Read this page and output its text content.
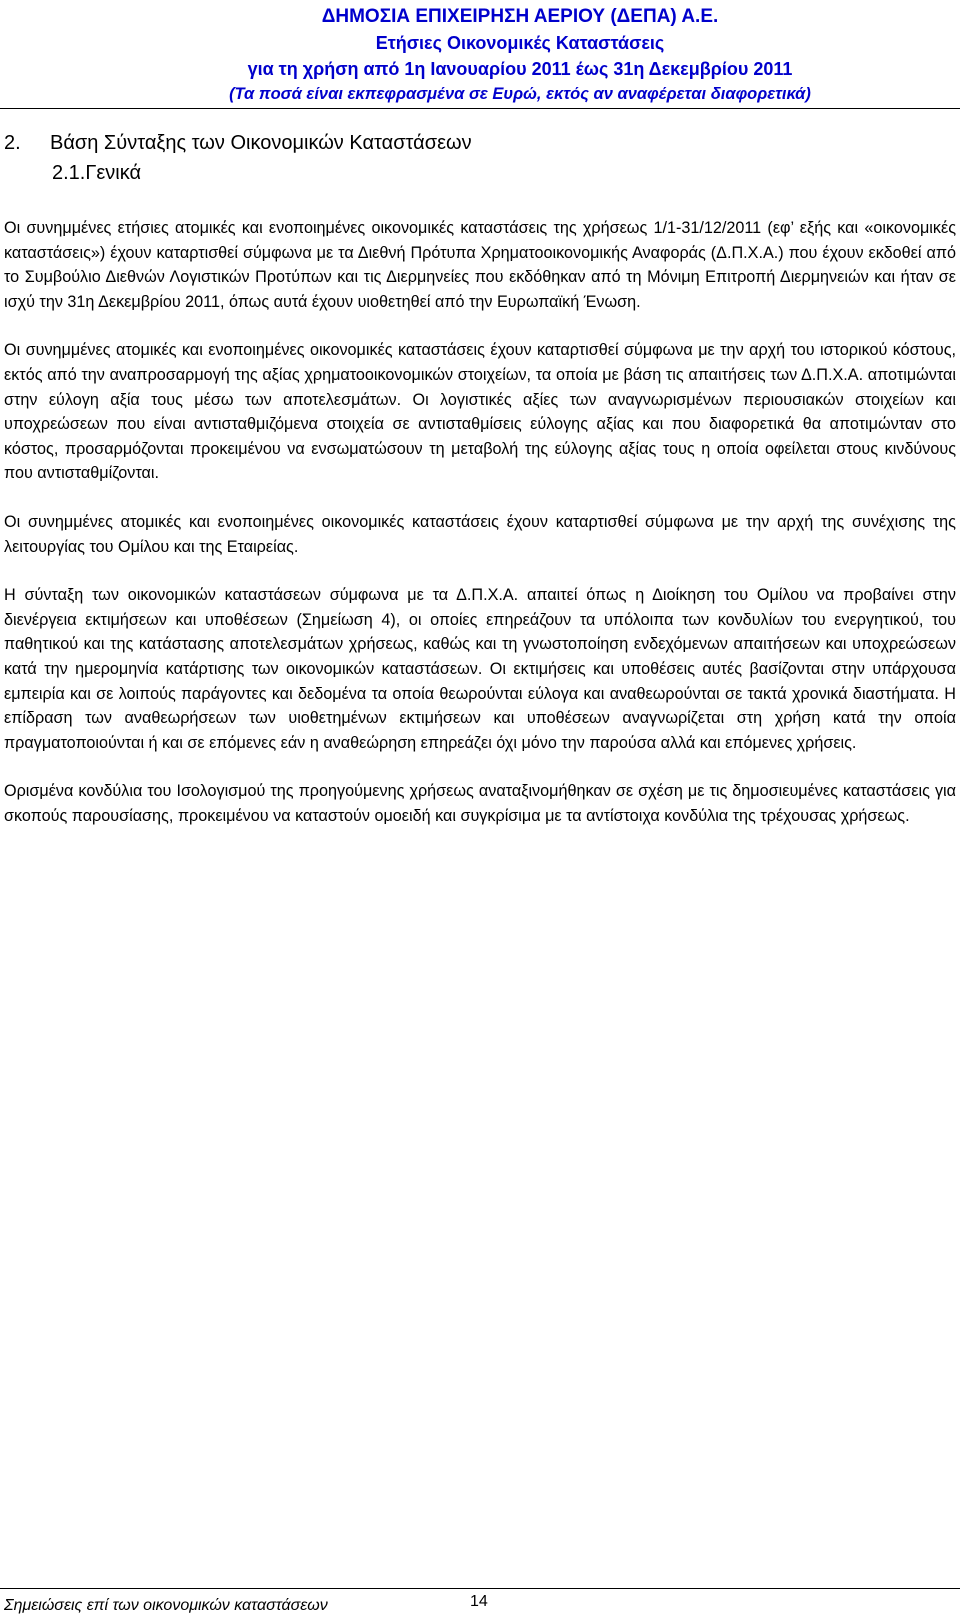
ΔΗΜΟΣΙΑ ΕΠΙΧΕΙΡΗΣΗ ΑΕΡΙΟΥ (ΔΕΠΑ) Α.Ε.
Ετήσιες Οικονομικές Καταστάσεις
για τη χρήση από 1η Ιανουαρίου 2011 έως 31η Δεκεμβρίου 2011
(Τα ποσά είναι εκπεφρασμένα σε Ευρώ, εκτός αν αναφέρεται διαφορετικά)
2. Βάση Σύνταξης των Οικονομικών Καταστάσεων
2.1.Γενικά

Οι συνημμένες ετήσιες ατομικές και ενοποιημένες οικονομικές καταστάσεις της χρήσεως 1/1-31/12/2011 (εφ’ εξής και «οικονομικές καταστάσεις») έχουν καταρτισθεί σύμφωνα με τα Διεθνή Πρότυπα Χρηματοοικονομικής Αναφοράς (Δ.Π.Χ.Α.) που έχουν εκδοθεί από το Συμβούλιο Διεθνών Λογιστικών Προτύπων και τις Διερμηνείες που εκδόθηκαν από τη Μόνιμη Επιτροπή Διερμηνειών και ήταν σε ισχύ την 31η Δεκεμβρίου 2011, όπως αυτά έχουν υιοθετηθεί από την Ευρωπαϊκή Ένωση.

Οι συνημμένες ατομικές και ενοποιημένες οικονομικές καταστάσεις έχουν καταρτισθεί σύμφωνα με την αρχή του ιστορικού κόστους, εκτός από την αναπροσαρμογή της αξίας χρηματοοικονομικών στοιχείων, τα οποία με βάση τις απαιτήσεις των Δ.Π.Χ.Α. αποτιμώνται στην εύλογη αξία τους μέσω των αποτελεσμάτων. Οι λογιστικές αξίες των αναγνωρισμένων περιουσιακών στοιχείων και υποχρεώσεων που είναι αντισταθμιζόμενα στοιχεία σε αντισταθμίσεις εύλογης αξίας και που διαφορετικά θα αποτιμώνταν στο κόστος, προσαρμόζονται προκειμένου να ενσωματώσουν τη μεταβολή της εύλογης αξίας τους η οποία οφείλεται στους κινδύνους που αντισταθμίζονται.

Οι συνημμένες ατομικές και ενοποιημένες οικονομικές καταστάσεις έχουν καταρτισθεί σύμφωνα με την αρχή της συνέχισης της λειτουργίας του Ομίλου και της Εταιρείας.

Η σύνταξη των οικονομικών καταστάσεων σύμφωνα με τα Δ.Π.Χ.Α. απαιτεί όπως η Διοίκηση του Ομίλου να προβαίνει στην διενέργεια εκτιμήσεων και υποθέσεων (Σημείωση 4), οι οποίες επηρεάζουν τα υπόλοιπα των κονδυλίων του ενεργητικού, του παθητικού και της κατάστασης αποτελεσμάτων χρήσεως, καθώς και τη γνωστοποίηση ενδεχόμενων απαιτήσεων και υποχρεώσεων κατά την ημερομηνία κατάρτισης των οικονομικών καταστάσεων. Οι εκτιμήσεις και υποθέσεις αυτές βασίζονται στην υπάρχουσα εμπειρία και σε λοιπούς παράγοντες και δεδομένα τα οποία θεωρούνται εύλογα και αναθεωρούνται σε τακτά χρονικά διαστήματα. Η επίδραση των αναθεωρήσεων των υιοθετημένων εκτιμήσεων και υποθέσεων αναγνωρίζεται στη χρήση κατά την οποία πραγματοποιούνται ή και σε επόμενες εάν η αναθεώρηση επηρεάζει όχι μόνο την παρούσα αλλά και επόμενες χρήσεις.

Ορισμένα κονδύλια του Ισολογισμού της προηγούμενης χρήσεως αναταξινομήθηκαν σε σχέση με τις δημοσιευμένες καταστάσεις για σκοπούς παρουσίασης, προκειμένου να καταστούν ομοειδή και συγκρίσιμα με τα αντίστοιχα κονδύλια της τρέχουσας χρήσεως.

Σημειώσεις επί των οικονομικών καταστάσεων	14
